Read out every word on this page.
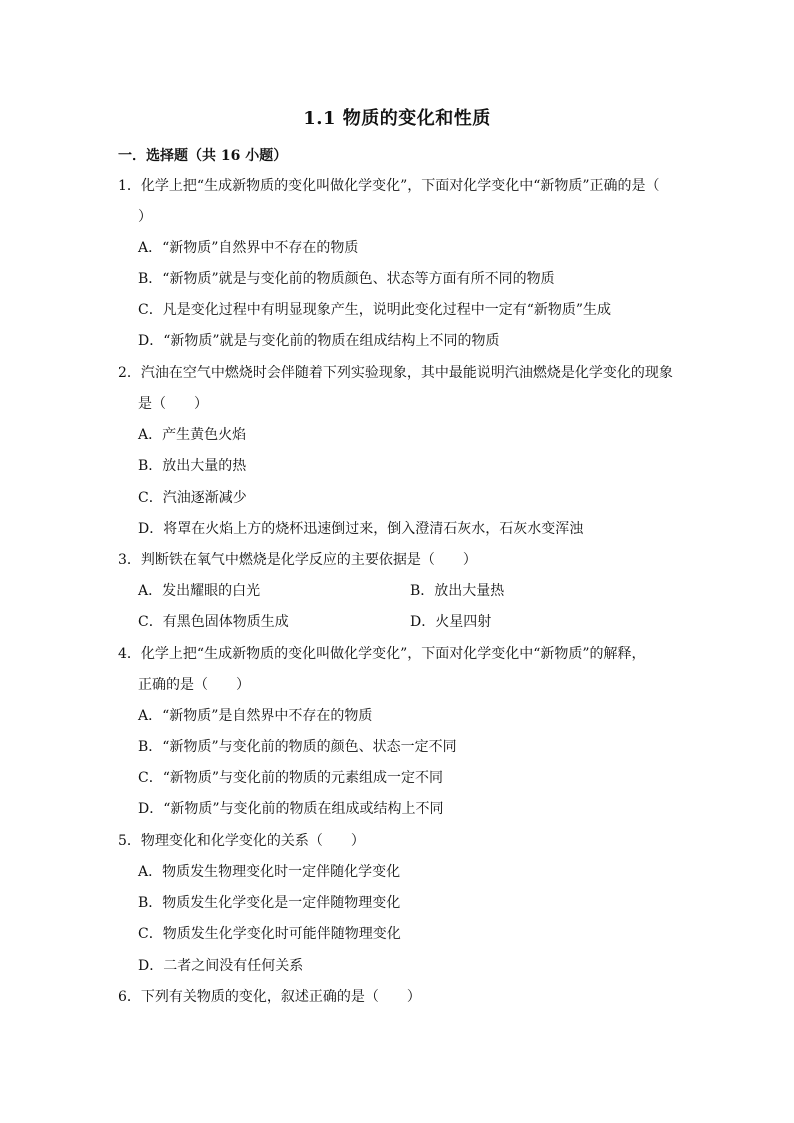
1.1 物质的变化和性质
一．选择题（共 16 小题）
1．化学上把“生成新物质的变化叫做化学变化”，下面对化学变化中“新物质”正确的是（
）
A．“新物质”自然界中不存在的物质
B．“新物质”就是与变化前的物质颜色、状态等方面有所不同的物质
C．凡是变化过程中有明显现象产生，说明此变化过程中一定有“新物质”生成
D．“新物质”就是与变化前的物质在组成结构上不同的物质
2．汽油在空气中燃烧时会伴随着下列实验现象，其中最能说明汽油燃烧是化学变化的现象
是（　　）
A．产生黄色火焰
B．放出大量的热
C．汽油逐渐减少
D．将罩在火焰上方的烧杯迅速倒过来，倒入澄清石灰水，石灰水变浑浊
3．判断铁在氧气中燃烧是化学反应的主要依据是（　　）
A．发出耀眼的白光	B．放出大量热
C．有黑色固体物质生成	D．火星四射
4．化学上把“生成新物质的变化叫做化学变化”，下面对化学变化中“新物质”的解释，
正确的是（　　）
A．“新物质”是自然界中不存在的物质
B．“新物质”与变化前的物质的颜色、状态一定不同
C．“新物质”与变化前的物质的元素组成一定不同
D．“新物质”与变化前的物质在组成或结构上不同
5．物理变化和化学变化的关系（　　）
A．物质发生物理变化时一定伴随化学变化
B．物质发生化学变化是一定伴随物理变化
C．物质发生化学变化时可能伴随物理变化
D．二者之间没有任何关系
6．下列有关物质的变化，叙述正确的是（　　）
